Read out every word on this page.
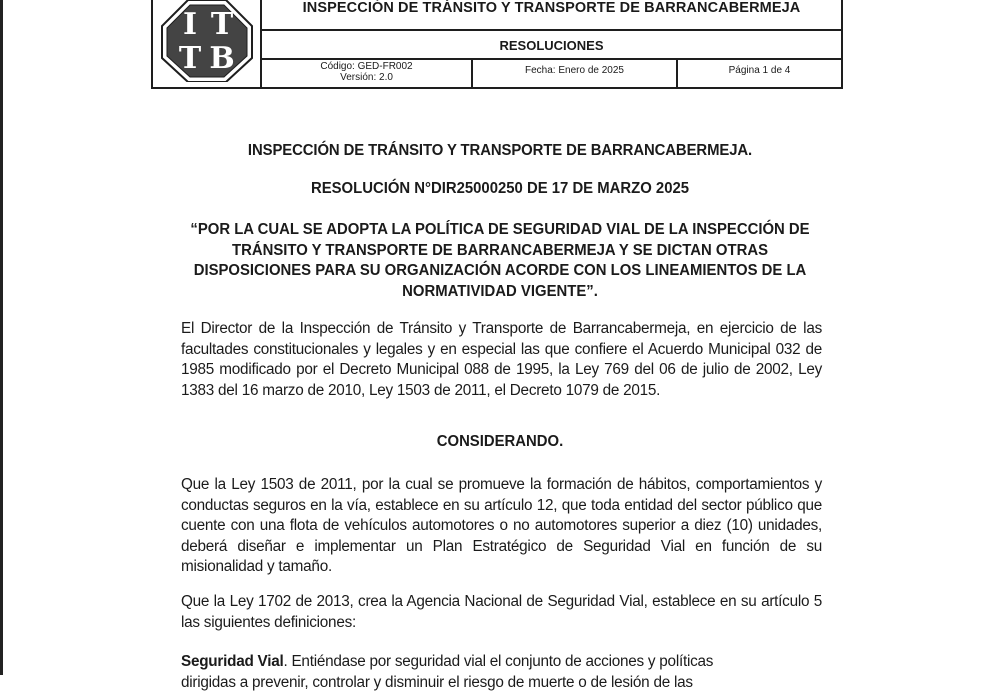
I T
T B
INSPECCIÓN DE TRÁNSITO Y TRANSPORTE DE BARRANCABERMEJA
RESOLUCIONES
Código: GED-FR002
Versión: 2.0
Fecha: Enero de 2025	Página 1 de 4
INSPECCIÓN DE TRÁNSITO Y TRANSPORTE DE BARRANCABERMEJA.
RESOLUCIÓN N°DIR25000250 DE 17 DE MARZO 2025
“POR LA CUAL SE ADOPTA LA POLÍTICA DE SEGURIDAD VIAL DE LA INSPECCIÓN DE TRÁNSITO Y TRANSPORTE DE BARRANCABERMEJA Y SE DICTAN OTRAS DISPOSICIONES PARA SU ORGANIZACIÓN ACORDE CON LOS LINEAMIENTOS DE LA NORMATIVIDAD VIGENTE”.
El Director de la Inspección de Tránsito y Transporte de Barrancabermeja, en ejercicio de las facultades constitucionales y legales y en especial las que confiere el Acuerdo Municipal 032 de 1985 modificado por el Decreto Municipal 088 de 1995, la Ley 769 del 06 de julio de 2002, Ley 1383 del 16 marzo de 2010, Ley 1503 de 2011, el Decreto 1079 de 2015.
CONSIDERANDO.
Que la Ley 1503 de 2011, por la cual se promueve la formación de hábitos, comportamientos y conductas seguros en la vía, establece en su artículo 12, que toda entidad del sector público que cuente con una flota de vehículos automotores o no automotores superior a diez (10) unidades, deberá diseñar e implementar un Plan Estratégico de Seguridad Vial en función de su misionalidad y tamaño.
Que la Ley 1702 de 2013, crea la Agencia Nacional de Seguridad Vial, establece en su artículo 5 las siguientes definiciones:
Seguridad Vial. Entiéndase por seguridad vial el conjunto de acciones y políticas
dirigidas a prevenir, controlar y disminuir el riesgo de muerte o de lesión de las
